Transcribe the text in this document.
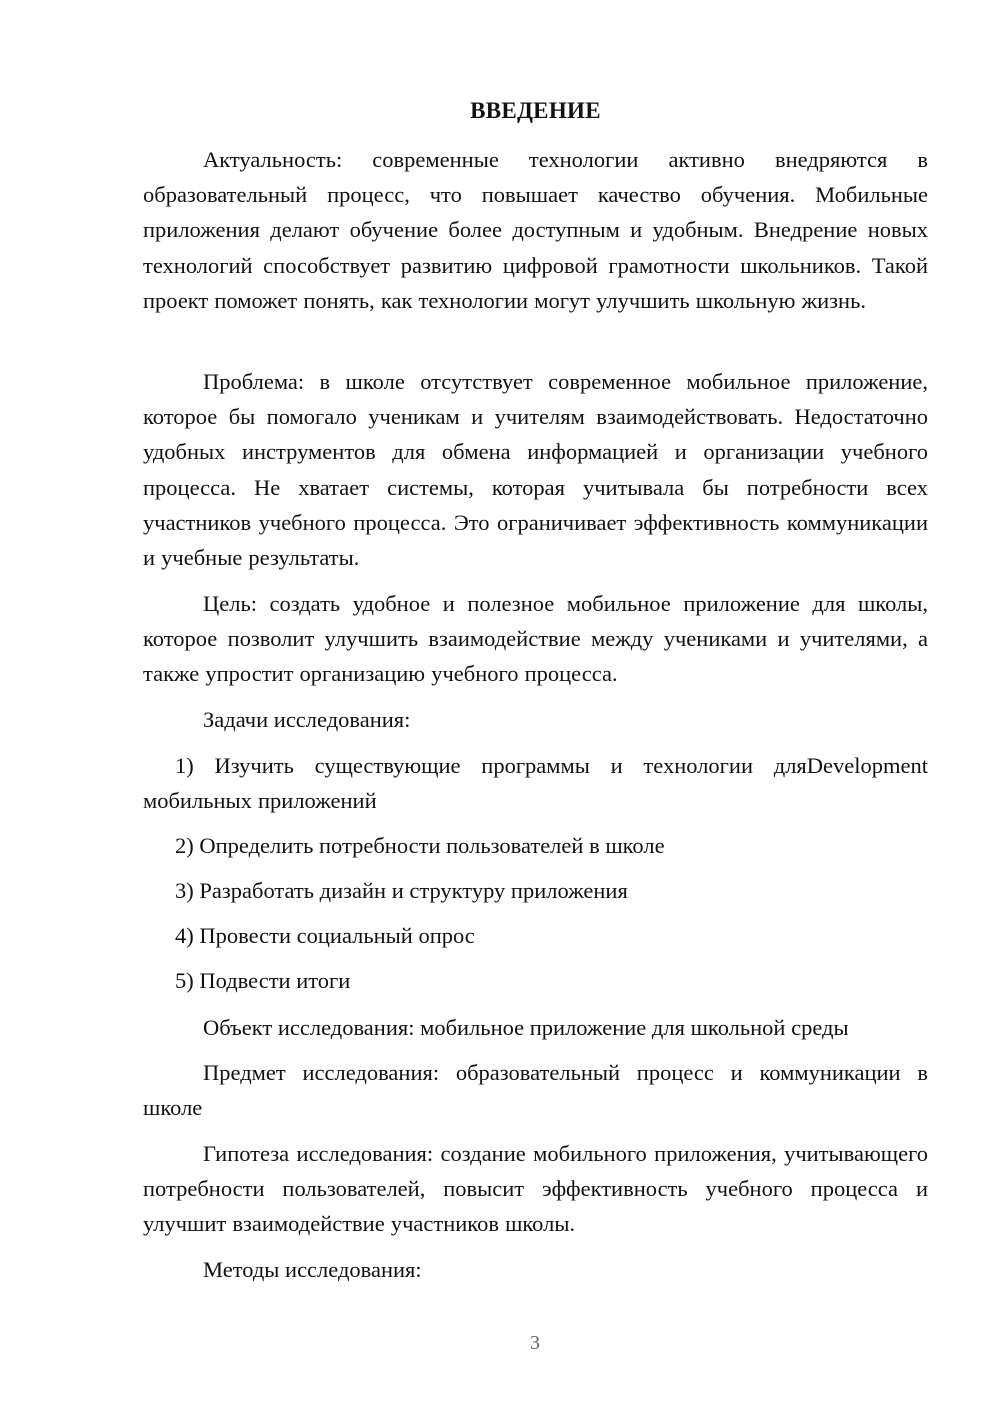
ВВЕДЕНИЕ

Актуальность: современные технологии активно внедряются в образовательный процесс, что повышает качество обучения. Мобильные приложения делают обучение более доступным и удобным. Внедрение новых технологий способствует развитию цифровой грамотности школьников. Такой проект поможет понять, как технологии могут улучшить школьную жизнь.

Проблема: в школе отсутствует современное мобильное приложение, которое бы помогало ученикам и учителям взаимодействовать. Недостаточно удобных инструментов для обмена информацией и организации учебного процесса. Не хватает системы, которая учитывала бы потребности всех участников учебного процесса. Это ограничивает эффективность коммуникации и учебные результаты.

Цель: создать удобное и полезное мобильное приложение для школы, которое позволит улучшить взаимодействие между учениками и учителями, а также упростит организацию учебного процесса.

Задачи исследования:

1) Изучить существующие программы и технологии дляDevelopment мобильных приложений

2) Определить потребности пользователей в школе

3) Разработать дизайн и структуру приложения

4) Провести социальный опрос

5) Подвести итоги

Объект исследования: мобильное приложение для школьной среды

Предмет исследования: образовательный процесс и коммуникации в школе

Гипотеза исследования: создание мобильного приложения, учитывающего потребности пользователей, повысит эффективность учебного процесса и улучшит взаимодействие участников школы.

Методы исследования:

3
